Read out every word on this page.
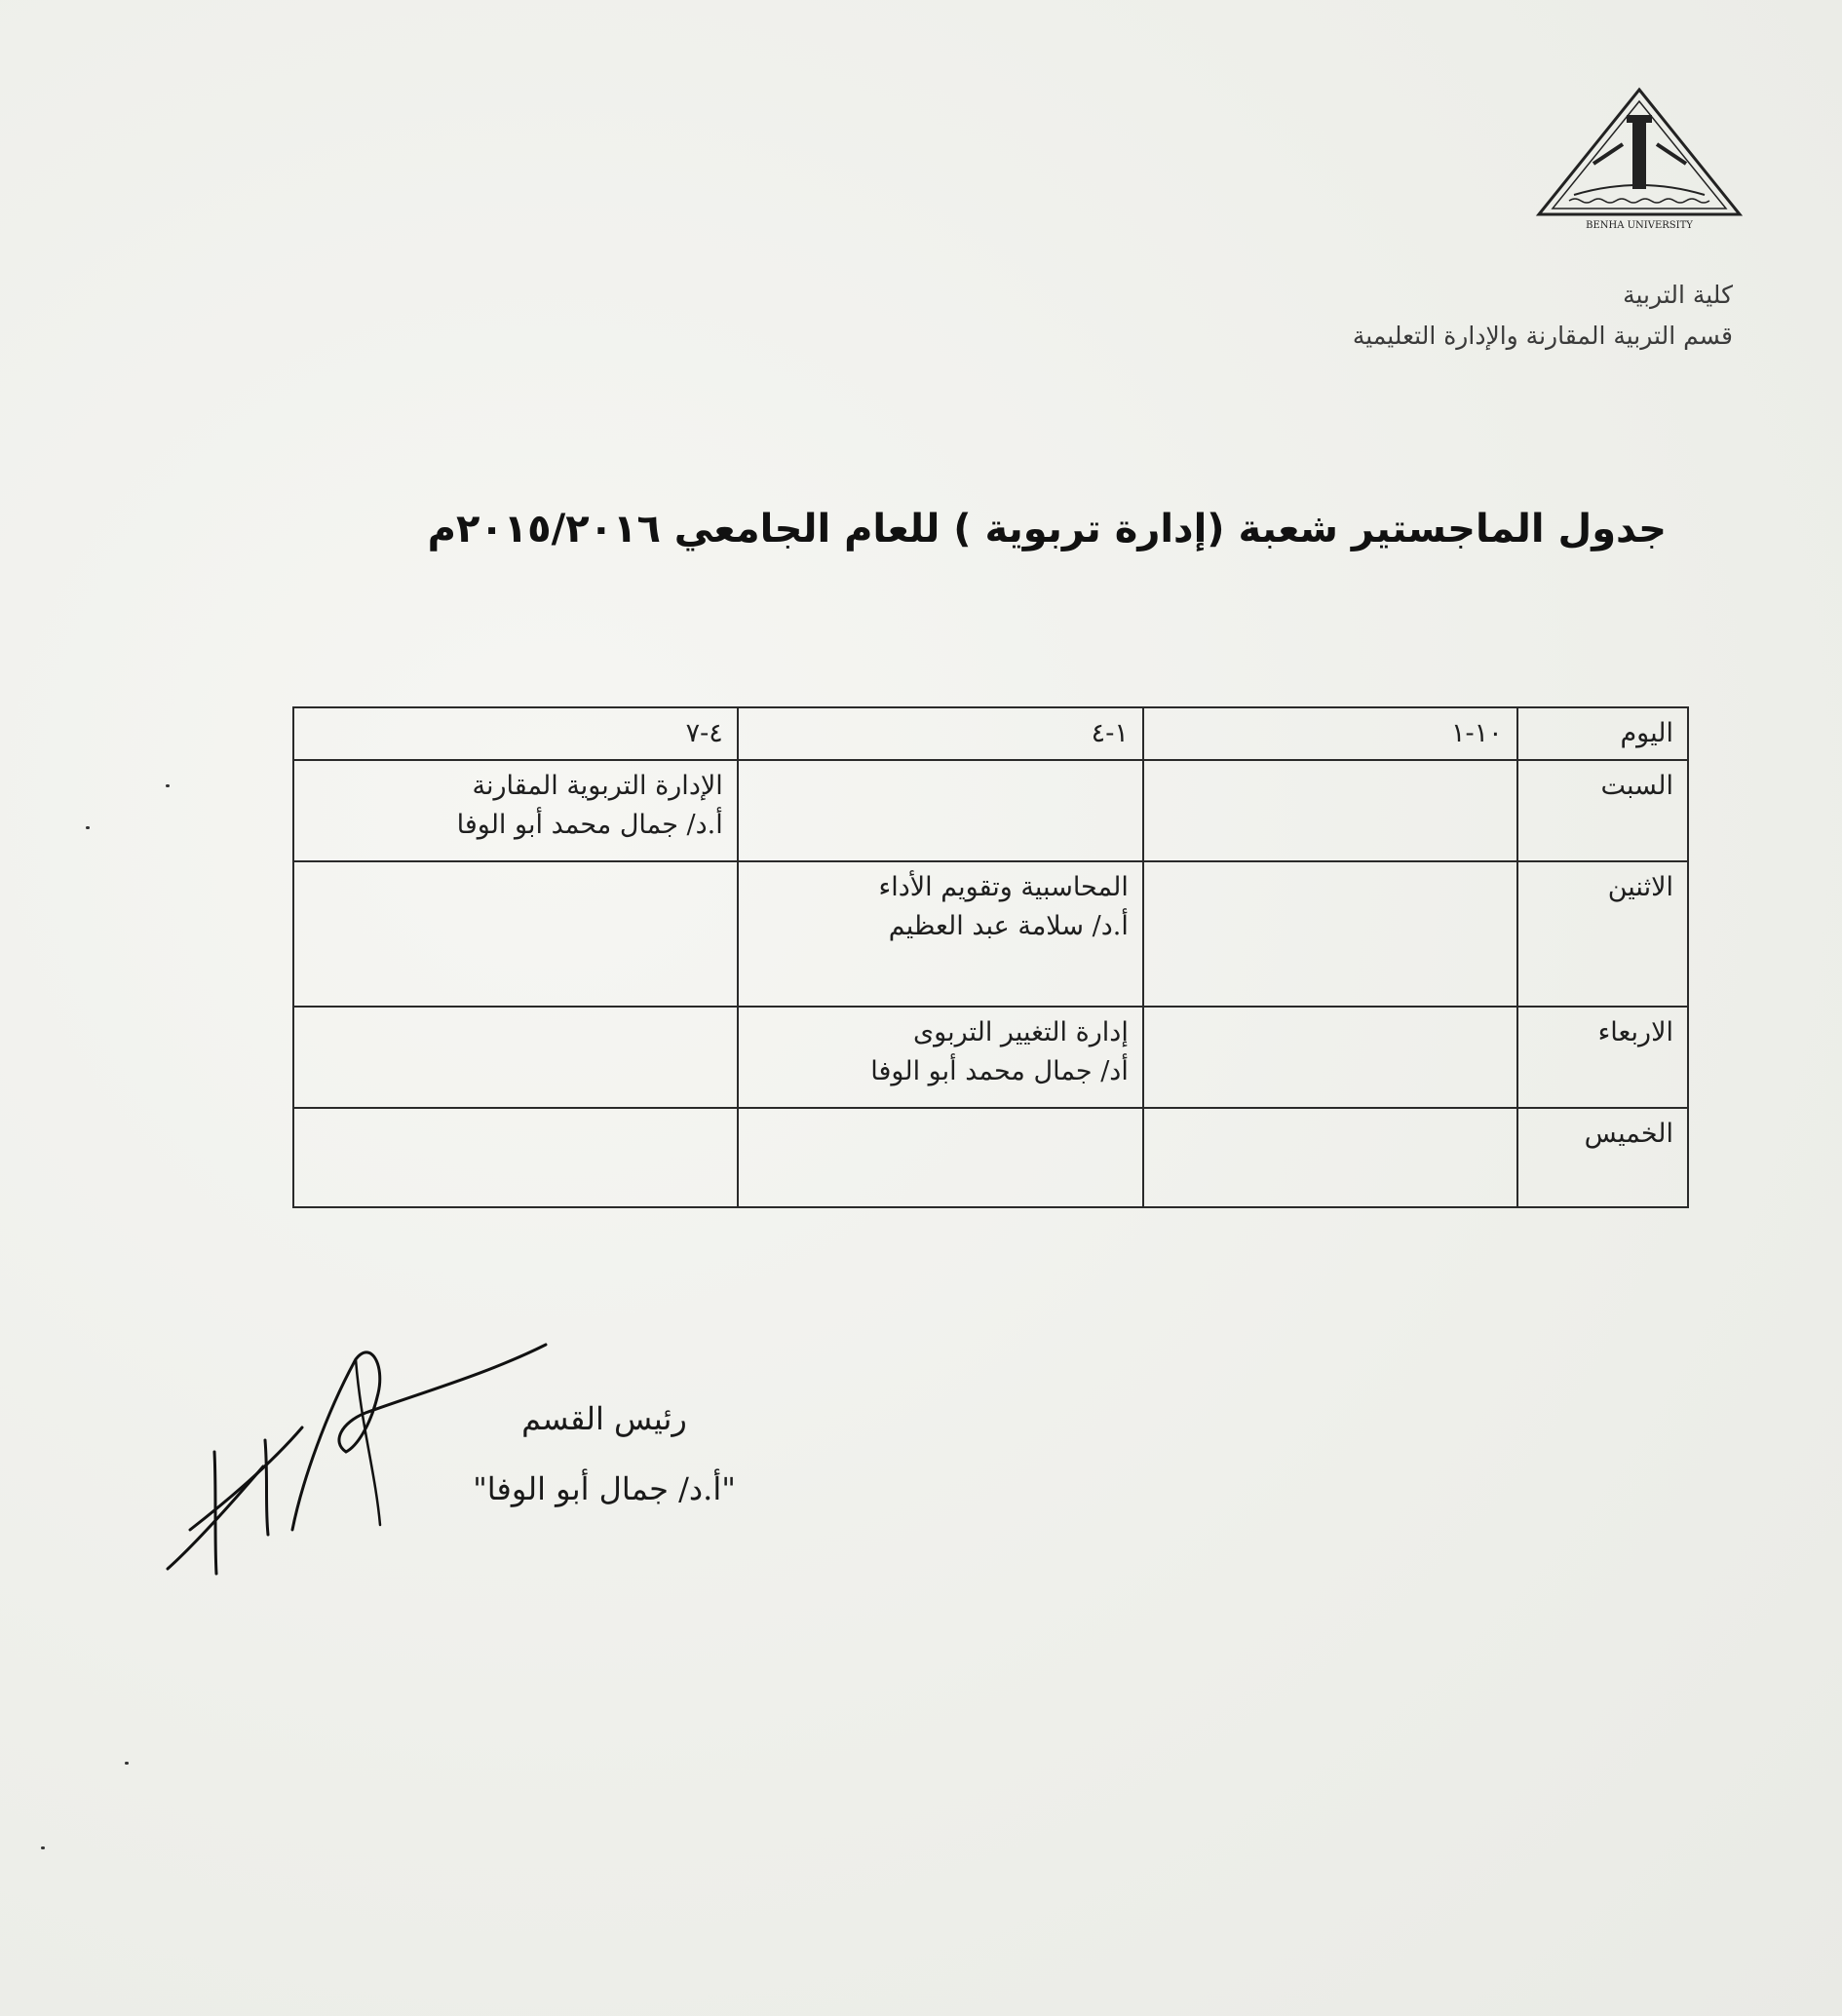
BENHA UNIVERSITY
كلية التربية
قسم التربية المقارنة والإدارة التعليمية
جدول الماجستير شعبة (إدارة تربوية ) للعام الجامعي ٢٠١٥/٢٠١٦م
اليوم	١٠-١	١-٤	٤-٧
السبت			الإدارة التربوية المقارنة
أ.د/ جمال محمد أبو الوفا

الاثنين		المحاسبية وتقويم الأداء
أ.د/ سلامة عبد العظيم	

الاربعاء		إدارة التغيير التربوى
أد/ جمال محمد أبو الوفا	

الخميس			
رئيس القسم
"أ.د/ جمال أبو الوفا"
